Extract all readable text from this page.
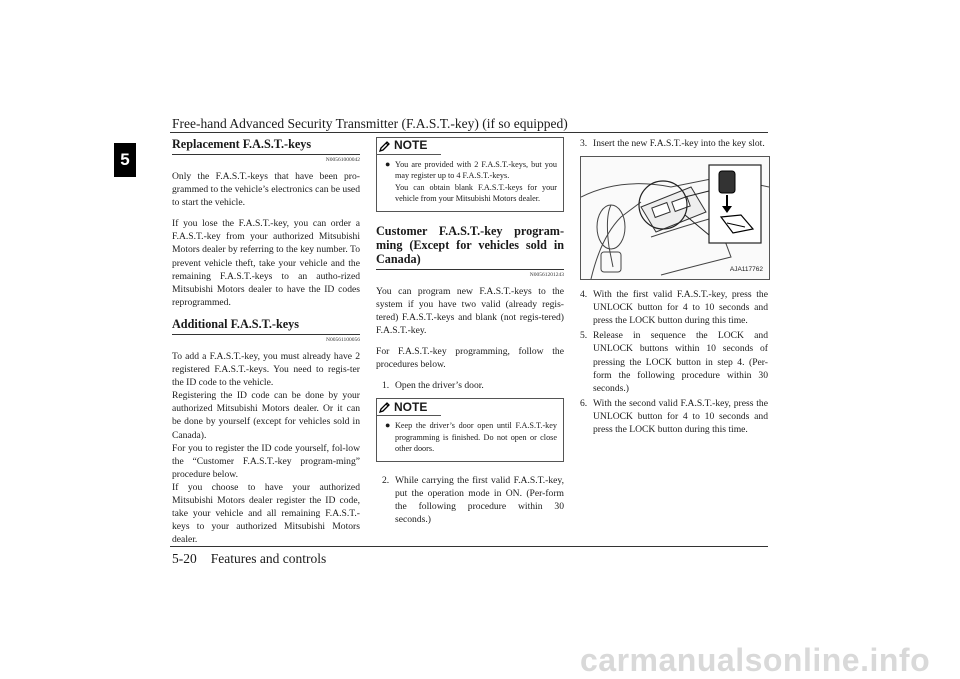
Free-hand Advanced Security Transmitter (F.A.S.T.-key) (if so equipped)
5
Replacement F.A.S.T.-keys
N00561000042

Only the F.A.S.T.-keys that have been pro-grammed to the vehicle’s electronics can be used to start the vehicle.

If you lose the F.A.S.T.-key, you can order a F.A.S.T.-key from your authorized Mitsubishi Motors dealer by referring to the key number. To prevent vehicle theft, take your vehicle and the remaining F.A.S.T.-keys to an autho-rized Mitsubishi Motors dealer to have the ID codes reprogrammed.

Additional F.A.S.T.-keys
N00561100056

To add a F.A.S.T.-key, you must already have 2 registered F.A.S.T.-keys. You need to regis-ter the ID code to the vehicle.

Registering the ID code can be done by your authorized Mitsubishi Motors dealer. Or it can be done by yourself (except for vehicles sold in Canada).

For you to register the ID code yourself, fol-low the “Customer F.A.S.T.-key program-ming” procedure below.

If you choose to have your authorized Mitsubishi Motors dealer register the ID code, take your vehicle and all remaining F.A.S.T.-keys to your authorized Mitsubishi Motors dealer.

NOTE
● You are provided with 2 F.A.S.T.-keys, but you may register up to 4 F.A.S.T.-keys.
You can obtain blank F.A.S.T.-keys for your vehicle from your Mitsubishi Motors dealer.
Customer F.A.S.T.-key program-ming (Except for vehicles sold in Canada)
N00561201243

You can program new F.A.S.T.-keys to the system if you have two valid (already regis-tered) F.A.S.T.-keys and blank (not regis-tered) F.A.S.T.-key.

For F.A.S.T.-key programming, follow the procedures below.

1. Open the driver’s door.
NOTE
● Keep the driver’s door open until F.A.S.T.-key programming is finished. Do not open or close other doors.
2. While carrying the first valid F.A.S.T.-key, put the operation mode in ON. (Per-form the following procedure within 30 seconds.)
3. Insert the new F.A.S.T.-key into the key slot.
AJA117762
4. With the first valid F.A.S.T.-key, press the UNLOCK button for 4 to 10 seconds and press the LOCK button during this time.
5. Release in sequence the LOCK and UNLOCK buttons within 10 seconds of pressing the LOCK button in step 4. (Per-form the following procedure within 30 seconds.)
6. With the second valid F.A.S.T.-key, press the UNLOCK button for 4 to 10 seconds and press the LOCK button during this time.
5-20 Features and controls
carmanualsonline.info
